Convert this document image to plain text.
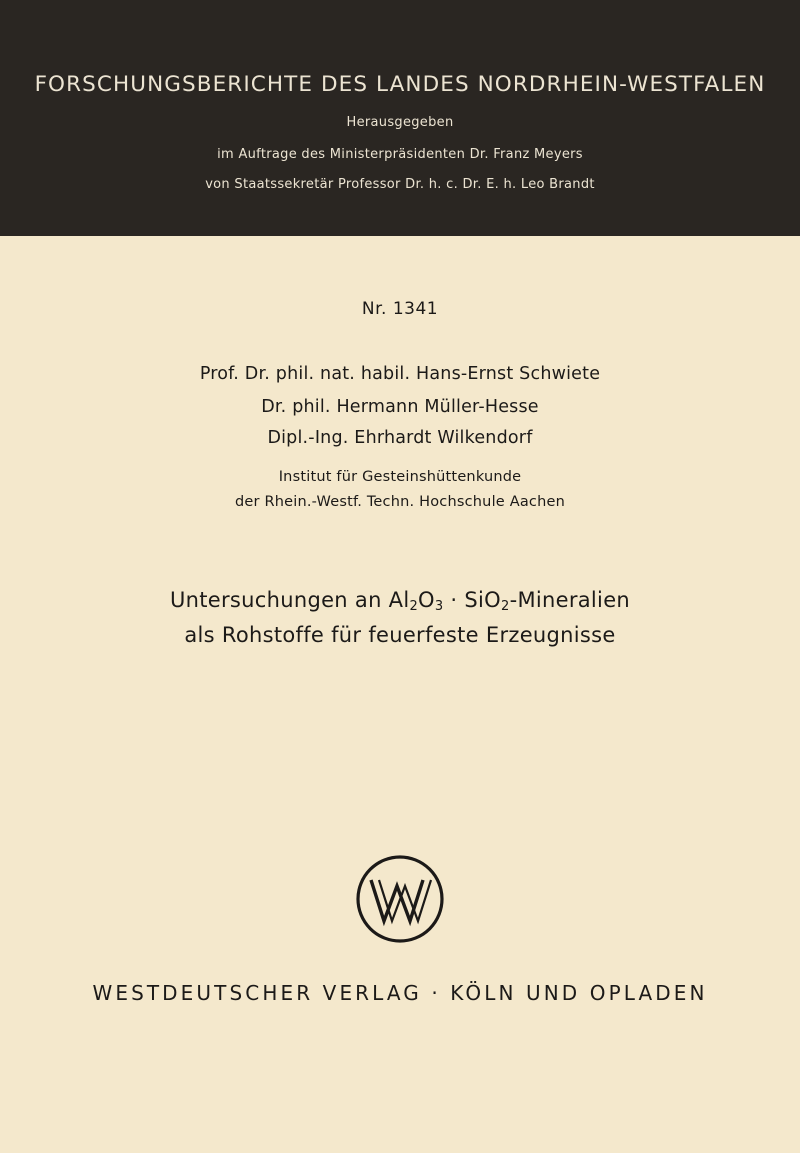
FORSCHUNGSBERICHTE DES LANDES NORDRHEIN-WESTFALEN
Herausgegeben
im Auftrage des Ministerpräsidenten Dr. Franz Meyers
von Staatssekretär Professor Dr. h. c. Dr. E. h. Leo Brandt
Nr. 1341
Prof. Dr. phil. nat. habil. Hans-Ernst Schwiete
Dr. phil. Hermann Müller-Hesse
Dipl.-Ing. Ehrhardt Wilkendorf
Institut für Gesteinshüttenkunde
der Rhein.-Westf. Techn. Hochschule Aachen
Untersuchungen an $Al_2O_3$ · SiO$_2$-Mineralien
als Rohstoffe für feuerfeste Erzeugnisse
WESTDEUTSCHER VERLAG · KÖLN UND OPLADEN
